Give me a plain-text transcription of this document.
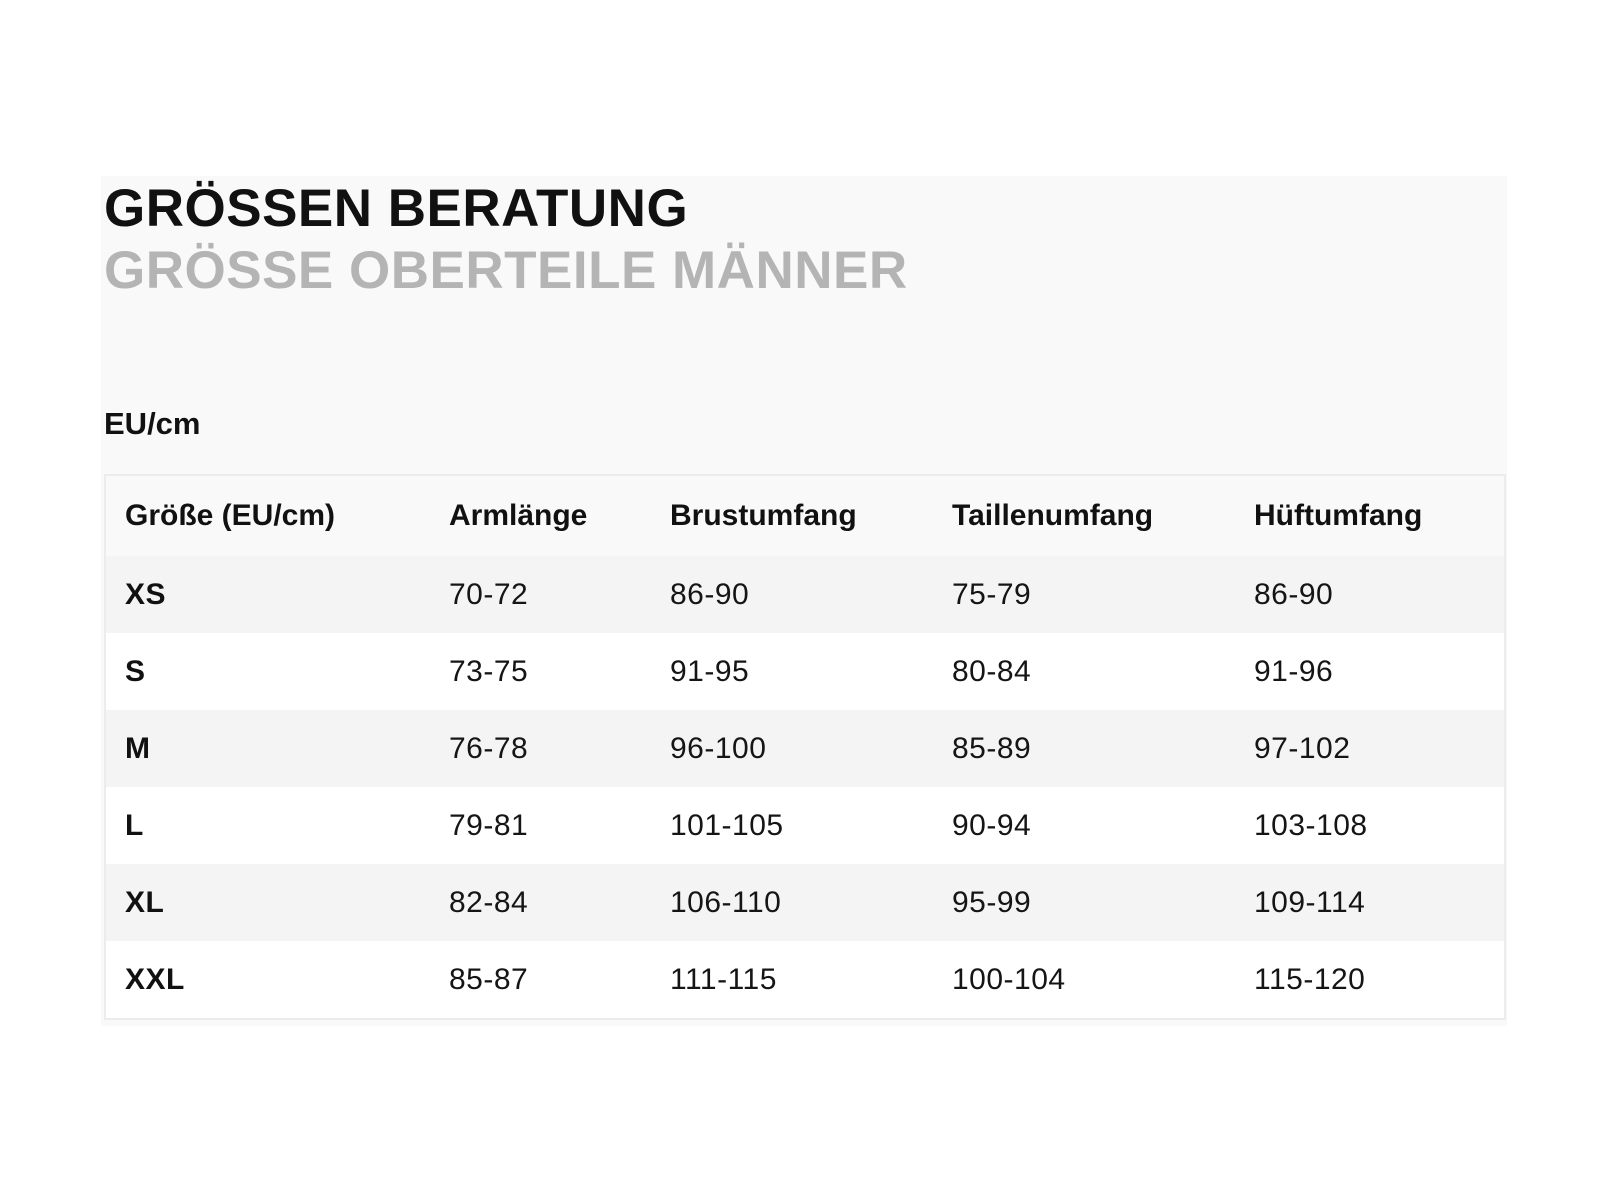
GRÖSSEN BERATUNG
GRÖSSE OBERTEILE MÄNNER
EU/cm
Größe (EU/cm)	Armlänge	Brustumfang	Taillenumfang	Hüftumfang
XS	70-72	86-90	75-79	86-90
S	73-75	91-95	80-84	91-96
M	76-78	96-100	85-89	97-102
L	79-81	101-105	90-94	103-108
XL	82-84	106-110	95-99	109-114
XXL	85-87	111-115	100-104	115-120
